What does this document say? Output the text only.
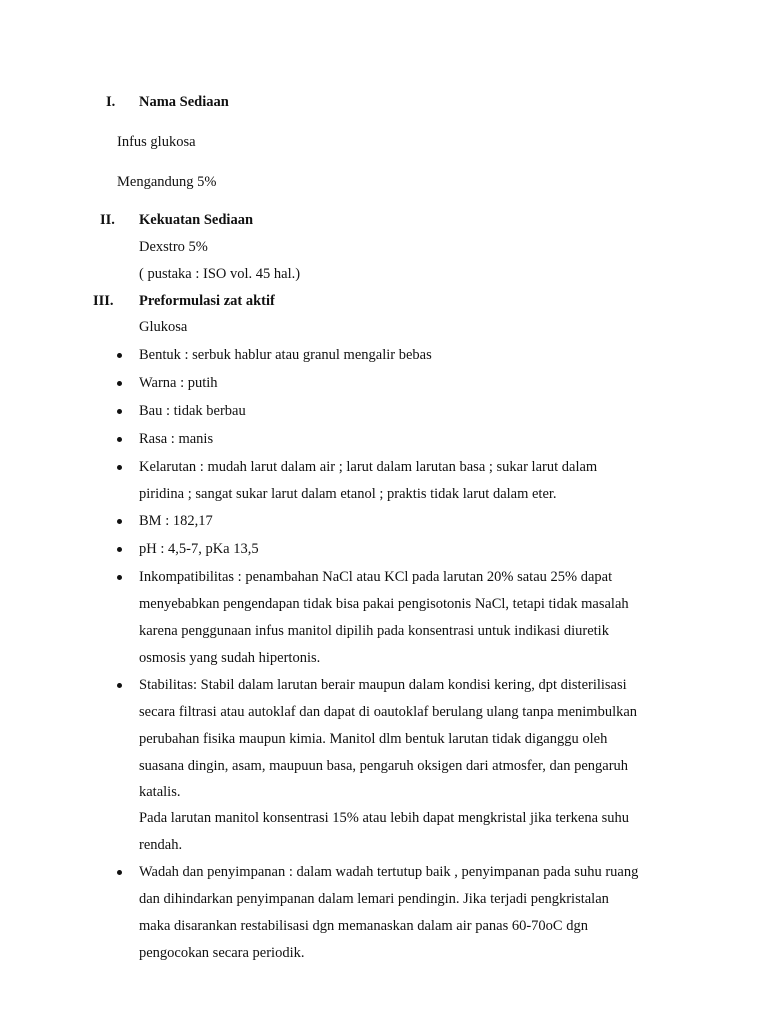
I. Nama Sediaan
Infus glukosa
Mengandung 5%
II. Kekuatan Sediaan
Dexstro 5%
( pustaka : ISO vol. 45 hal.)
III. Preformulasi zat aktif
Glukosa
Bentuk : serbuk hablur atau granul mengalir bebas
Warna : putih
Bau : tidak berbau
Rasa : manis
Kelarutan : mudah larut dalam air ; larut dalam larutan basa ; sukar larut dalam
piridina ; sangat sukar larut dalam etanol ; praktis tidak larut dalam eter.
BM : 182,17
pH : 4,5-7, pKa 13,5
Inkompatibilitas : penambahan NaCl atau KCl pada larutan 20% satau 25% dapat
menyebabkan pengendapan tidak bisa pakai pengisotonis NaCl, tetapi tidak masalah
karena penggunaan infus manitol dipilih pada konsentrasi untuk indikasi diuretik
osmosis yang sudah hipertonis.
Stabilitas: Stabil dalam larutan berair maupun dalam kondisi kering, dpt disterilisasi
secara filtrasi atau autoklaf dan dapat di oautoklaf berulang ulang tanpa menimbulkan
perubahan fisika maupun kimia. Manitol dlm bentuk larutan tidak diganggu oleh
suasana dingin, asam, maupuun basa, pengaruh oksigen dari atmosfer, dan pengaruh
katalis.
Pada larutan manitol konsentrasi 15% atau lebih dapat mengkristal jika terkena suhu
rendah.
Wadah dan penyimpanan : dalam wadah tertutup baik , penyimpanan pada suhu ruang
dan dihindarkan penyimpanan dalam lemari pendingin. Jika terjadi pengkristalan
maka disarankan restabilisasi dgn memanaskan dalam air panas 60-70oC dgn
pengocokan secara periodik.
